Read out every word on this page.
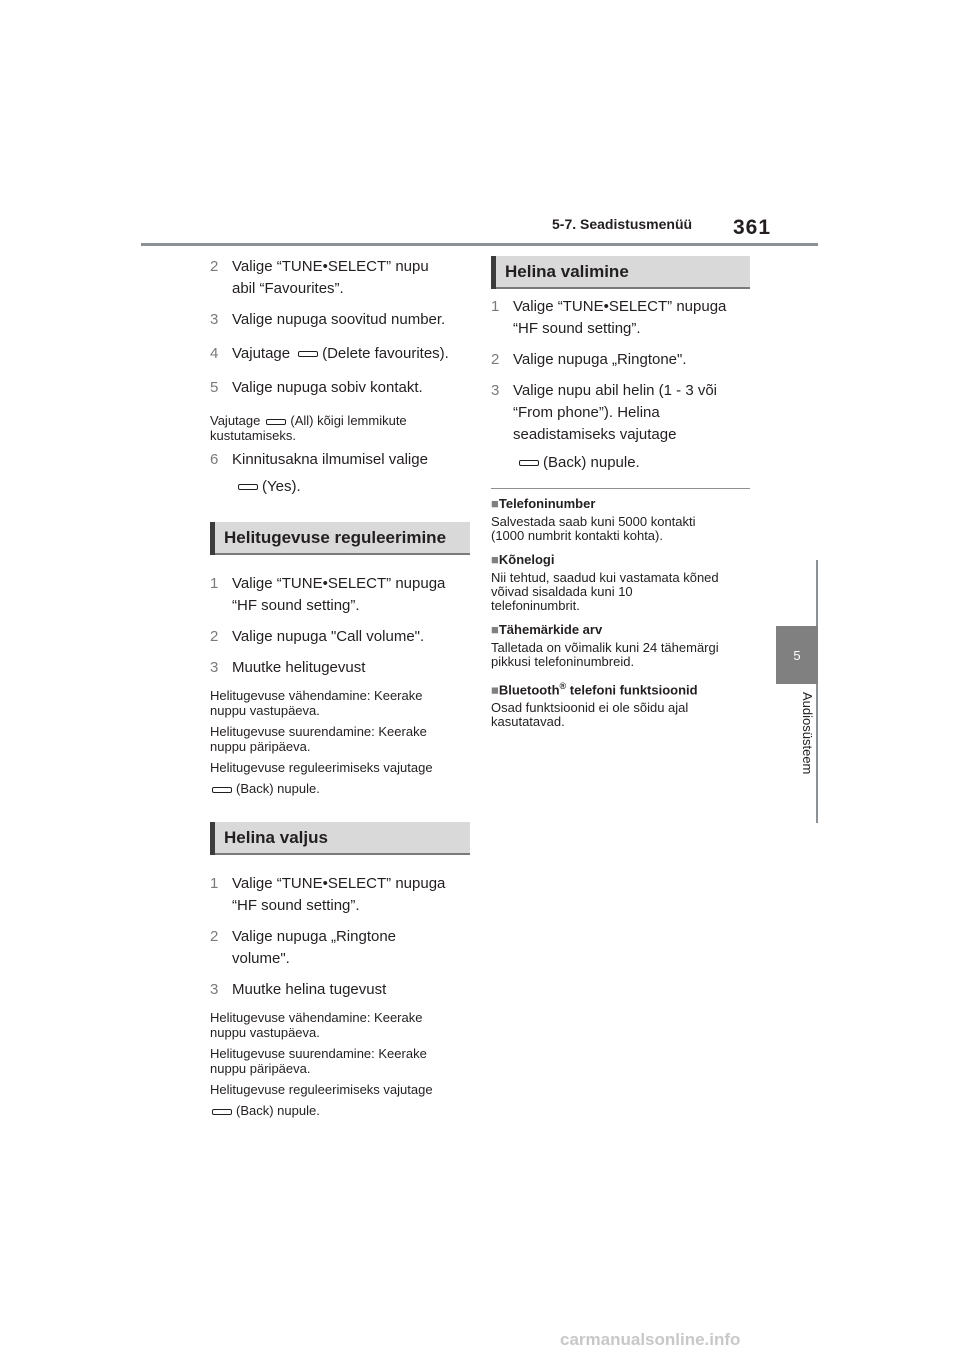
5-7. Seadistusmenüü 361
5
Audiosüsteem
2 Valige “TUNE•SELECT” nupu
abil “Favourites”.
3 Valige nupuga soovitud number.
4 Vajutage (Delete favourites).
5 Valige nupuga sobiv kontakt.
Vajutage (All) kõigi lemmikute
kustutamiseks.
6 Kinnitusakna ilmumisel valige
(Yes).
Helitugevuse reguleerimine
1 Valige “TUNE•SELECT” nupuga
“HF sound setting”.
2 Valige nupuga "Call volume".
3 Muutke helitugevust
Helitugevuse vähendamine: Keerake
nuppu vastupäeva.
Helitugevuse suurendamine: Keerake
nuppu päripäeva.
Helitugevuse reguleerimiseks vajutage
(Back) nupule.
Helina valjus
1 Valige “TUNE•SELECT” nupuga
“HF sound setting”.
2 Valige nupuga „Ringtone
volume".
3 Muutke helina tugevust
Helitugevuse vähendamine: Keerake
nuppu vastupäeva.
Helitugevuse suurendamine: Keerake
nuppu päripäeva.
Helitugevuse reguleerimiseks vajutage
(Back) nupule.
Helina valimine
1 Valige “TUNE•SELECT” nupuga
“HF sound setting”.
2 Valige nupuga „Ringtone".
3 Valige nupu abil helin (1 - 3 või
“From phone”). Helina
seadistamiseks vajutage
(Back) nupule.
■Telefoninumber
Salvestada saab kuni 5000 kontakti
(1000 numbrit kontakti kohta).
■Kõnelogi
Nii tehtud, saadud kui vastamata kõned
võivad sisaldada kuni 10
telefoninumbrit.
■Tähemärkide arv
Talletada on võimalik kuni 24 tähemärgi
pikkusi telefoninumbreid.
■Bluetooth® telefoni funktsioonid
Osad funktsioonid ei ole sõidu ajal
kasutatavad.
carmanualsonline.info
